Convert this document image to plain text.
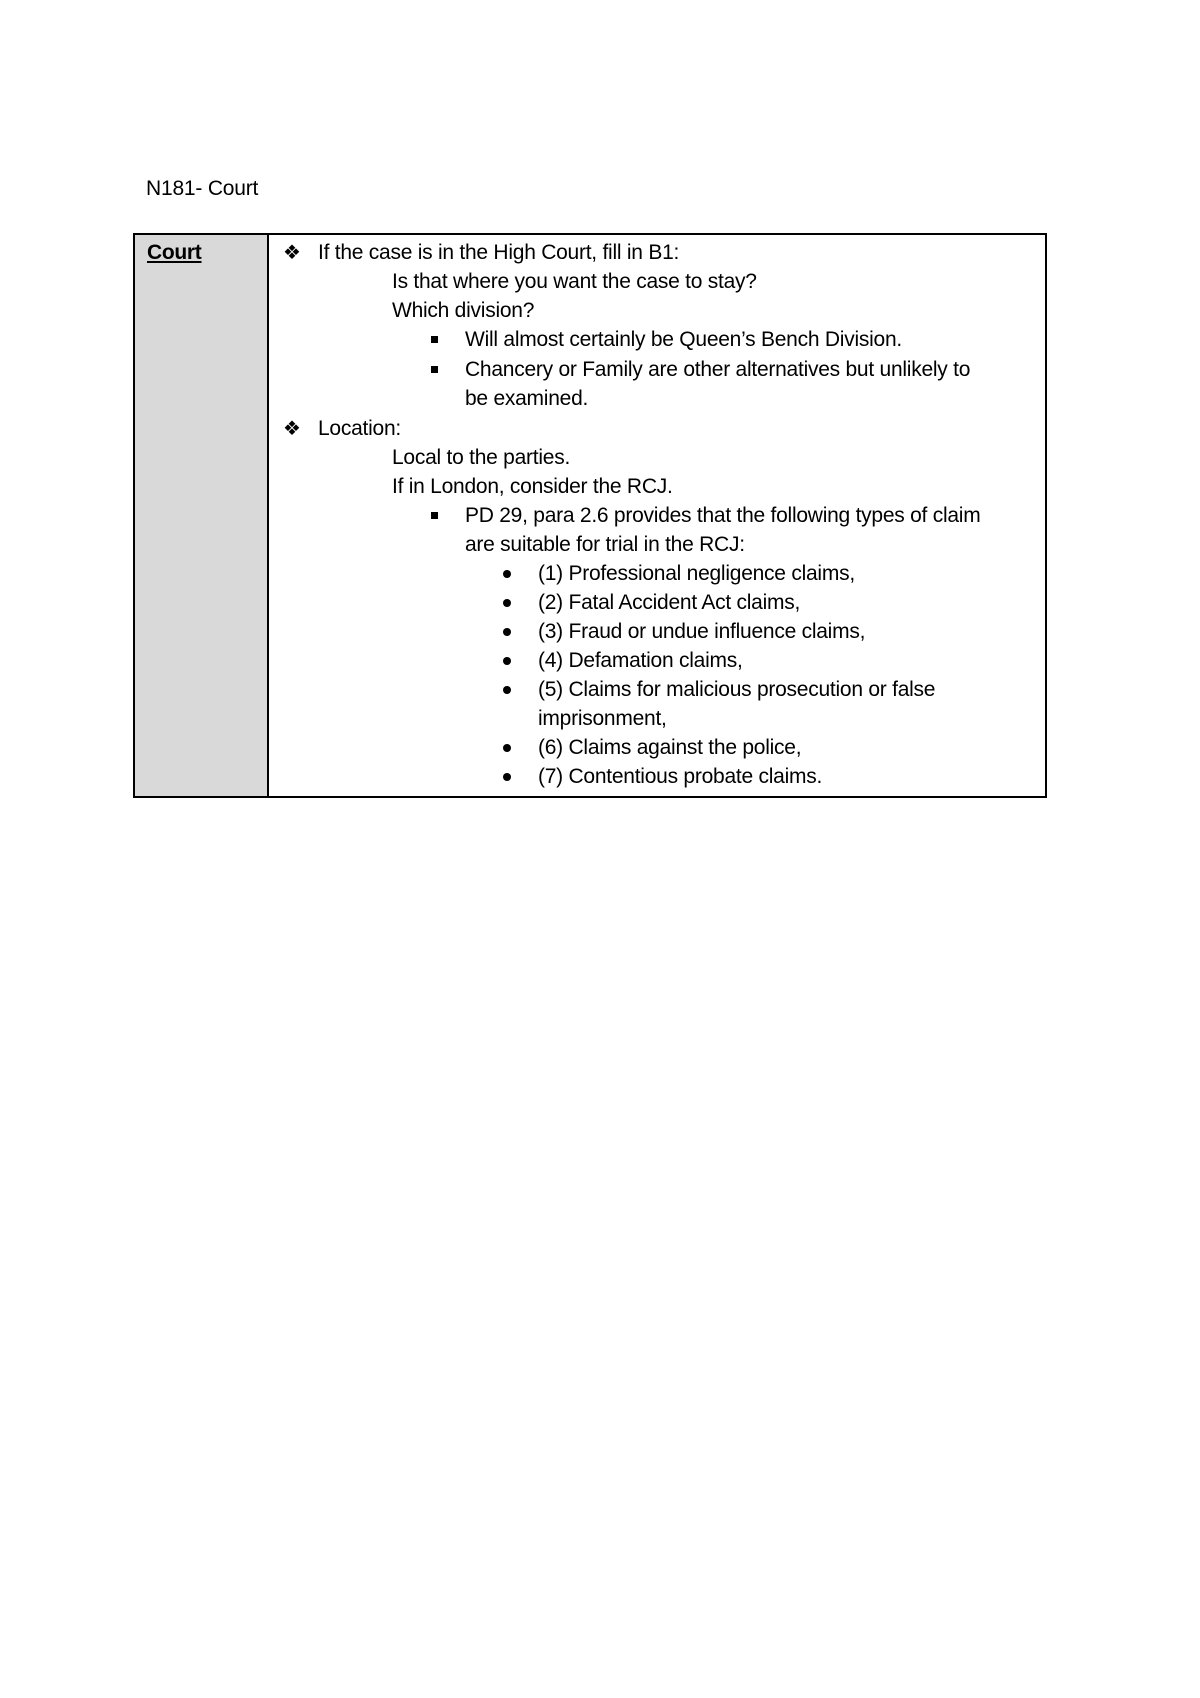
N181- Court
Court	❖ If the case is in the High Court, fill in B1:
Is that where you want the case to stay?
Which division?
Will almost certainly be Queen’s Bench Division.
Chancery or Family are other alternatives but unlikely to
be examined.
❖ Location:
Local to the parties.
If in London, consider the RCJ.
PD 29, para 2.6 provides that the following types of claim
are suitable for trial in the RCJ:
(1) Professional negligence claims,
(2) Fatal Accident Act claims,
(3) Fraud or undue influence claims,
(4) Defamation claims,
(5) Claims for malicious prosecution or false
imprisonment,
(6) Claims against the police,
(7) Contentious probate claims.
